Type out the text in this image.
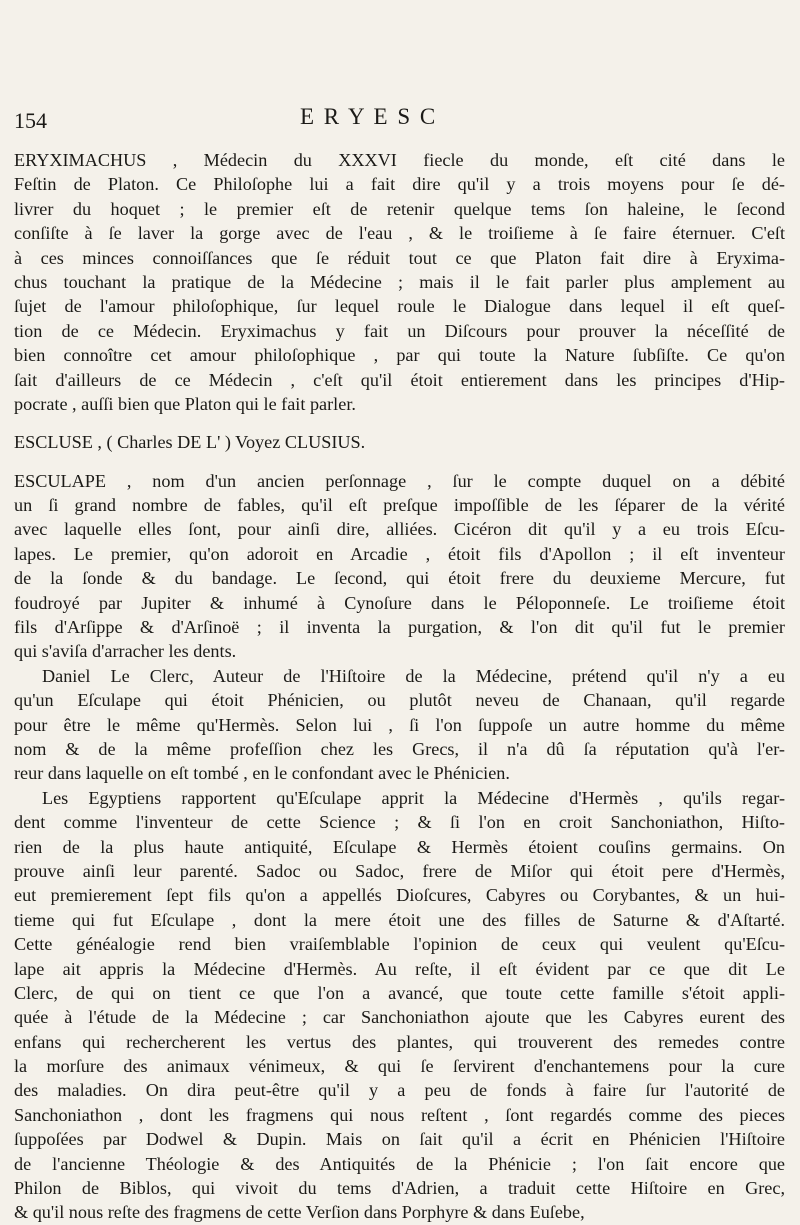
154	E R Y E S C
ERYXIMACHUS , Médecin du XXXVI fiecle du monde, eſt cité dans le
Feſtin de Platon. Ce Philoſophe lui a fait dire qu'il y a trois moyens pour ſe dé-
livrer du hoquet ; le premier eſt de retenir quelque tems ſon haleine, le ſecond
conſiſte à ſe laver la gorge avec de l'eau , & le troiſieme à ſe faire éternuer. C'eſt
à ces minces connoiſſances que ſe réduit tout ce que Platon fait dire à Eryxima-
chus touchant la pratique de la Médecine ; mais il le fait parler plus amplement au
ſujet de l'amour philoſophique, ſur lequel roule le Dialogue dans lequel il eſt queſ-
tion de ce Médecin. Eryximachus y fait un Diſcours pour prouver la néceſſité de
bien connoître cet amour philoſophique , par qui toute la Nature ſubſiſte. Ce qu'on
ſait d'ailleurs de ce Médecin , c'eſt qu'il étoit entierement dans les principes d'Hip-
pocrate , auſſi bien que Platon qui le fait parler.
ESCLUSE , ( Charles DE L' ) Voyez CLUSIUS.
ESCULAPE , nom d'un ancien perſonnage , ſur le compte duquel on a débité
un ſi grand nombre de fables, qu'il eſt preſque impoſſible de les ſéparer de la vérité
avec laquelle elles ſont, pour ainſi dire, alliées. Cicéron dit qu'il y a eu trois Eſcu-
lapes. Le premier, qu'on adoroit en Arcadie , étoit fils d'Apollon ; il eſt inventeur
de la ſonde & du bandage. Le ſecond, qui étoit frere du deuxieme Mercure, fut
foudroyé par Jupiter & inhumé à Cynoſure dans le Péloponneſe. Le troiſieme étoit
fils d'Arſippe & d'Arſinoë ; il inventa la purgation, & l'on dit qu'il fut le premier
qui s'aviſa d'arracher les dents.
Daniel Le Clerc, Auteur de l'Hiſtoire de la Médecine, prétend qu'il n'y a eu
qu'un Eſculape qui étoit Phénicien, ou plutôt neveu de Chanaan, qu'il regarde
pour être le même qu'Hermès. Selon lui , ſi l'on ſuppoſe un autre homme du même
nom & de la même profeſſion chez les Grecs, il n'a dû ſa réputation qu'à l'er-
reur dans laquelle on eſt tombé , en le confondant avec le Phénicien.
Les Egyptiens rapportent qu'Eſculape apprit la Médecine d'Hermès , qu'ils regar-
dent comme l'inventeur de cette Science ; & ſi l'on en croit Sanchoniathon, Hiſto-
rien de la plus haute antiquité, Eſculape & Hermès étoient couſins germains. On
prouve ainſi leur parenté. Sadoc ou Sadoc, frere de Miſor qui étoit pere d'Hermès,
eut premierement ſept fils qu'on a appellés Dioſcures, Cabyres ou Corybantes, & un hui-
tieme qui fut Eſculape , dont la mere étoit une des filles de Saturne & d'Aſtarté.
Cette généalogie rend bien vraiſemblable l'opinion de ceux qui veulent qu'Eſcu-
lape ait appris la Médecine d'Hermès. Au reſte, il eſt évident par ce que dit Le
Clerc, de qui on tient ce que l'on a avancé, que toute cette famille s'étoit appli-
quée à l'étude de la Médecine ; car Sanchoniathon ajoute que les Cabyres eurent des
enfans qui rechercherent les vertus des plantes, qui trouverent des remedes contre
la morſure des animaux vénimeux, & qui ſe ſervirent d'enchantemens pour la cure
des maladies. On dira peut-être qu'il y a peu de fonds à faire ſur l'autorité de
Sanchoniathon , dont les fragmens qui nous reſtent , ſont regardés comme des pieces
ſuppoſées par Dodwel & Dupin. Mais on ſait qu'il a écrit en Phénicien l'Hiſtoire
de l'ancienne Théologie & des Antiquités de la Phénicie ; l'on ſait encore que
Philon de Biblos, qui vivoit du tems d'Adrien, a traduit cette Hiſtoire en Grec,
& qu'il nous reſte des fragmens de cette Verſion dans Porphyre & dans Euſebe,
